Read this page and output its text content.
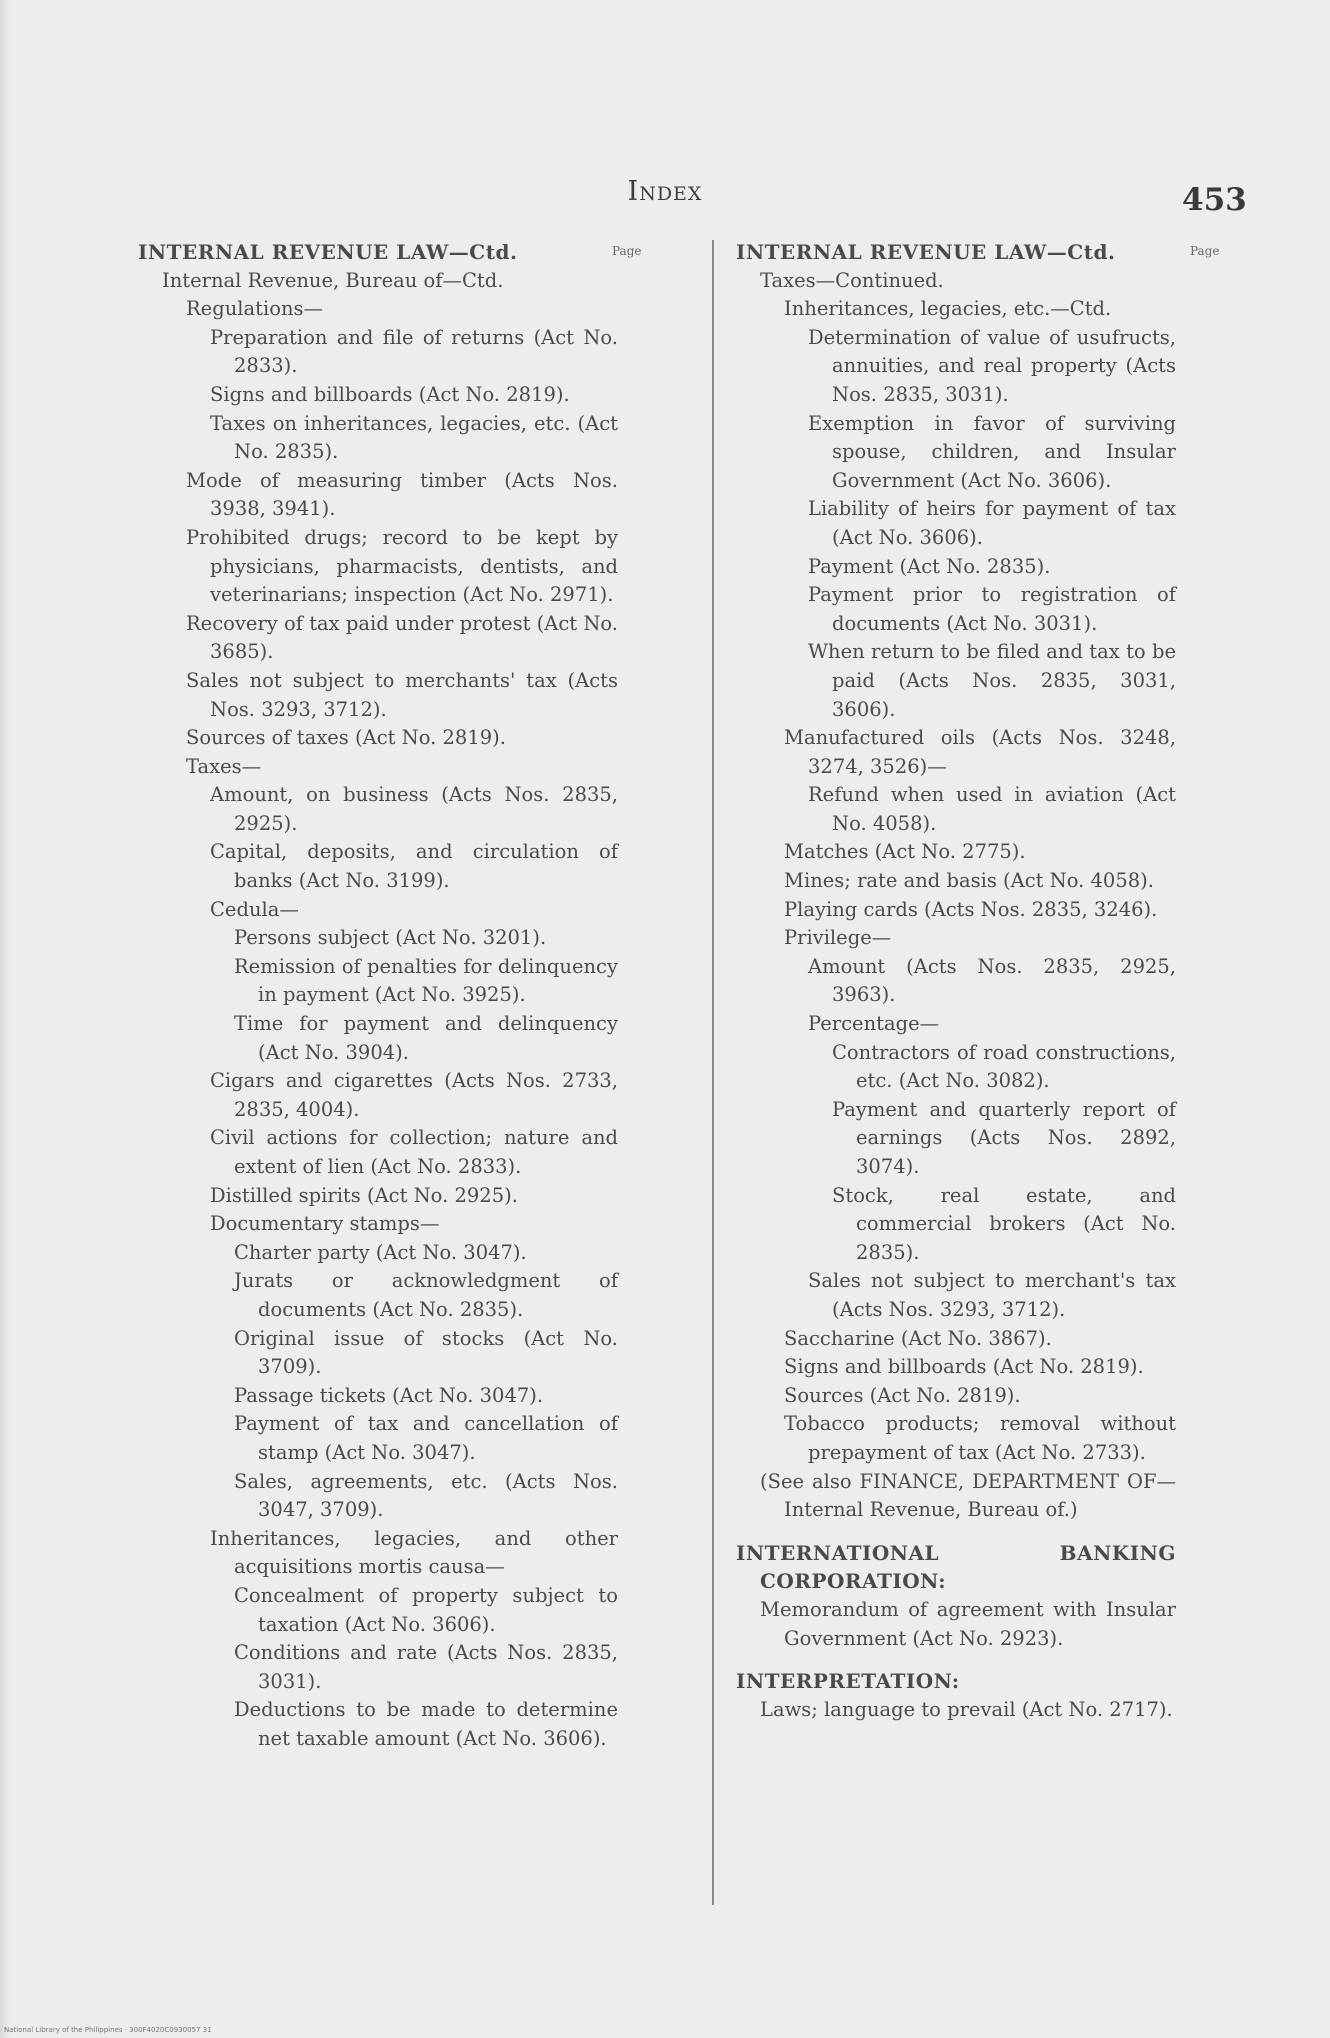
Index	453
Page	Page

INTERNAL REVENUE LAW—Ctd.

Internal Revenue, Bureau of—Ctd.

Regulations—

Preparation and file of returns (Act No. 2833).

Signs and billboards (Act No. 2819).

Taxes on inheritances, legacies, etc. (Act No. 2835).

Mode of measuring timber (Acts Nos. 3938, 3941).

Prohibited drugs; record to be kept by physicians, pharmacists, dentists, and veterinarians; inspection (Act No. 2971).

Recovery of tax paid under protest (Act No. 3685).

Sales not subject to merchants' tax (Acts Nos. 3293, 3712).

Sources of taxes (Act No. 2819).

Taxes—

Amount, on business (Acts Nos. 2835, 2925).

Capital, deposits, and circulation of banks (Act No. 3199).

Cedula—

Persons subject (Act No. 3201).

Remission of penalties for delinquency in payment (Act No. 3925).

Time for payment and delinquency (Act No. 3904).

Cigars and cigarettes (Acts Nos. 2733, 2835, 4004).

Civil actions for collection; nature and extent of lien (Act No. 2833).

Distilled spirits (Act No. 2925).

Documentary stamps—

Charter party (Act No. 3047).

Jurats or acknowledgment of documents (Act No. 2835).

Original issue of stocks (Act No. 3709).

Passage tickets (Act No. 3047).

Payment of tax and cancellation of stamp (Act No. 3047).

Sales, agreements, etc. (Acts Nos. 3047, 3709).

Inheritances, legacies, and other acquisitions mortis causa—

Concealment of property subject to taxation (Act No. 3606).

Conditions and rate (Acts Nos. 2835, 3031).

Deductions to be made to determine net taxable amount (Act No. 3606).

INTERNAL REVENUE LAW—Ctd.

Taxes—Continued.

Inheritances, legacies, etc.—Ctd.

Determination of value of usufructs, annuities, and real property (Acts Nos. 2835, 3031).

Exemption in favor of surviving spouse, children, and Insular Government (Act No. 3606).

Liability of heirs for payment of tax (Act No. 3606).

Payment (Act No. 2835).

Payment prior to registration of documents (Act No. 3031).

When return to be filed and tax to be paid (Acts Nos. 2835, 3031, 3606).

Manufactured oils (Acts Nos. 3248, 3274, 3526)—

Refund when used in aviation (Act No. 4058).

Matches (Act No. 2775).

Mines; rate and basis (Act No. 4058).

Playing cards (Acts Nos. 2835, 3246).

Privilege—

Amount (Acts Nos. 2835, 2925, 3963).

Percentage—

Contractors of road constructions, etc. (Act No. 3082).

Payment and quarterly report of earnings (Acts Nos. 2892, 3074).

Stock, real estate, and commercial brokers (Act No. 2835).

Sales not subject to merchant's tax (Acts Nos. 3293, 3712).

Saccharine (Act No. 3867).

Signs and billboards (Act No. 2819).

Sources (Act No. 2819).

Tobacco products; removal without prepayment of tax (Act No. 2733).

(See also FINANCE, DEPARTMENT OF—Internal Revenue, Bureau of.)

INTERNATIONAL BANKING CORPORATION:

Memorandum of agreement with Insular Government (Act No. 2923).

INTERPRETATION:

Laws; language to prevail (Act No. 2717).

National Library of the Philippines · 300F4020C0930057 31
